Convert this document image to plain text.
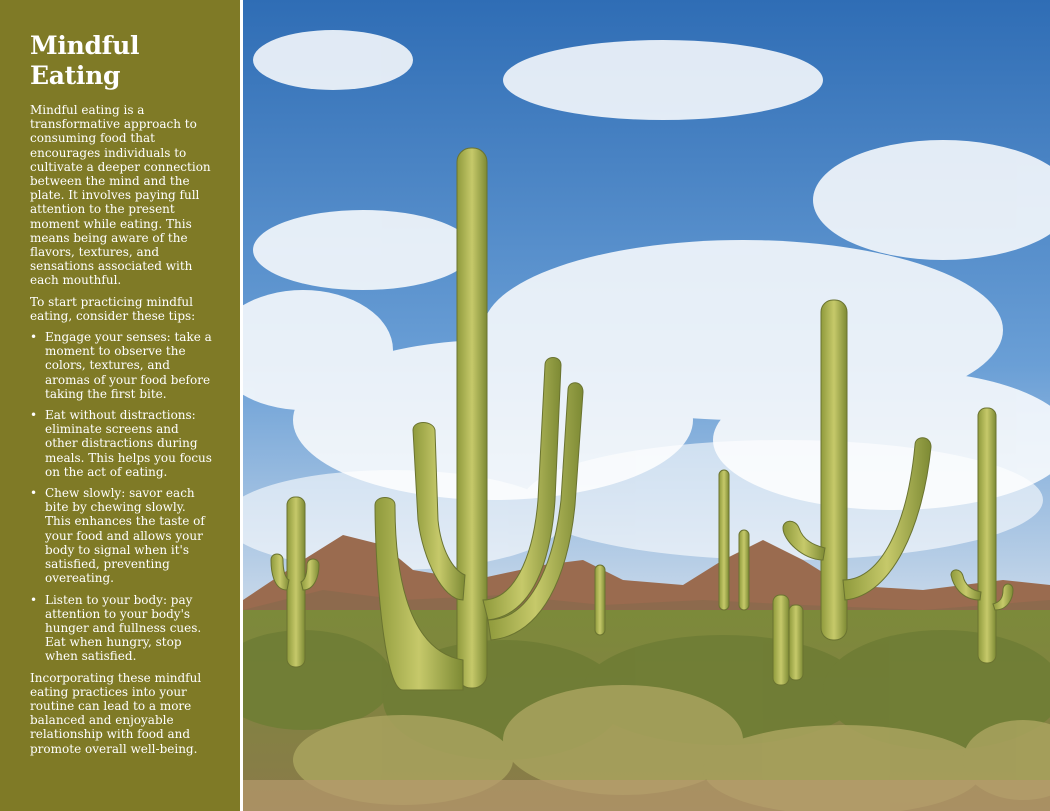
Mindful Eating

Mindful eating is a transformative approach to consuming food that encourages individuals to cultivate a deeper connection between the mind and the plate. It involves paying full attention to the present moment while eating. This means being aware of the flavors, textures, and sensations associated with each mouthful.

To start practicing mindful eating, consider these tips:

• Engage your senses: take a moment to observe the colors, textures, and aromas of your food before taking the first bite.
• Eat without distractions: eliminate screens and other distractions during meals. This helps you focus on the act of eating.
• Chew slowly: savor each bite by chewing slowly. This enhances the taste of your food and allows your body to signal when it's satisfied, preventing overeating.
• Listen to your body: pay attention to your body's hunger and fullness cues. Eat when hungry, stop when satisfied.

Incorporating these mindful eating practices into your routine can lead to a more balanced and enjoyable relationship with food and promote overall well-being.
